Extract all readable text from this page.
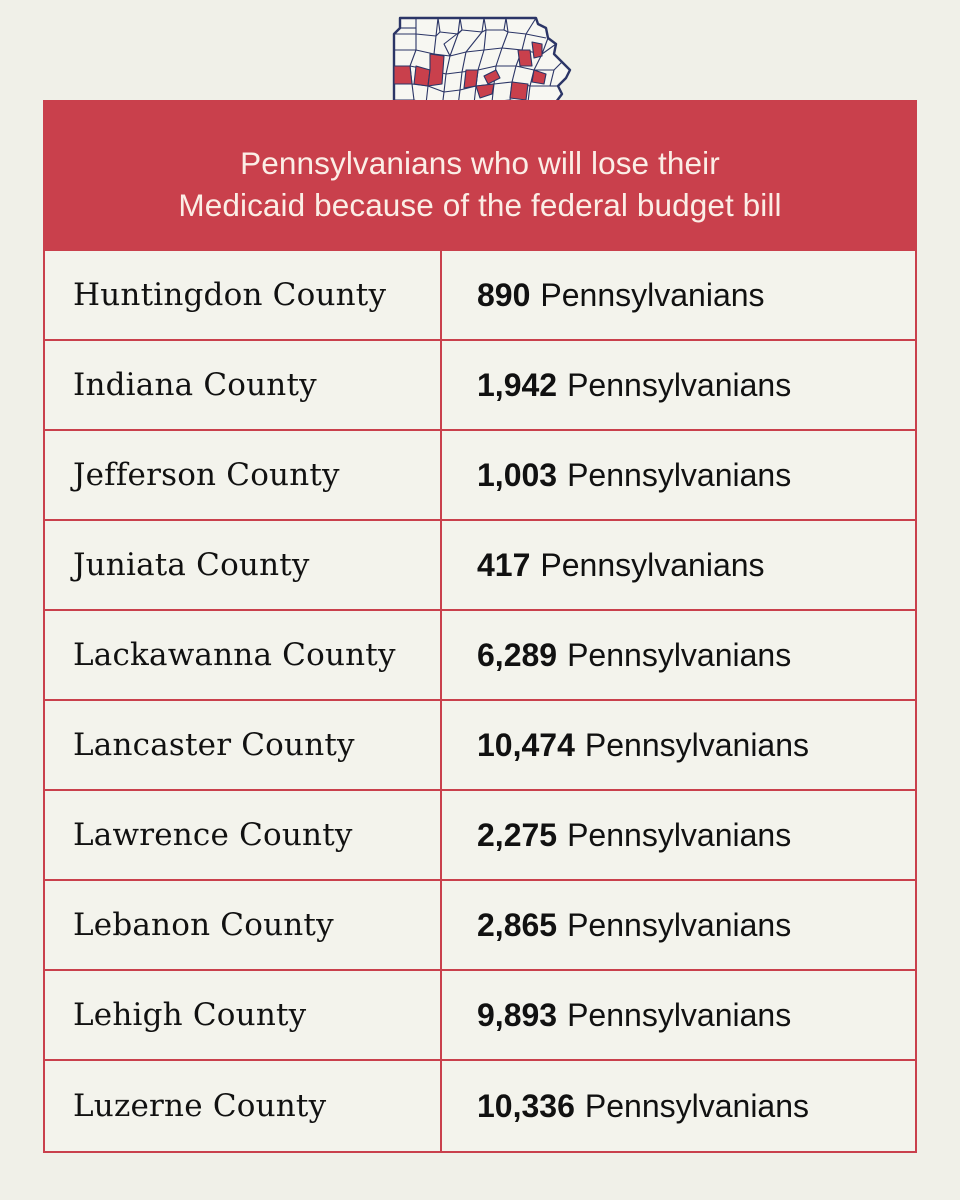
Pennsylvanians who will lose their
Medicaid because of the federal budget bill
Huntingdon County	890 Pennsylvanians
Indiana County	1,942 Pennsylvanians
Jefferson County	1,003 Pennsylvanians
Juniata County	417 Pennsylvanians
Lackawanna County	6,289 Pennsylvanians
Lancaster County	10,474 Pennsylvanians
Lawrence County	2,275 Pennsylvanians
Lebanon County	2,865 Pennsylvanians
Lehigh County	9,893 Pennsylvanians
Luzerne County	10,336 Pennsylvanians
